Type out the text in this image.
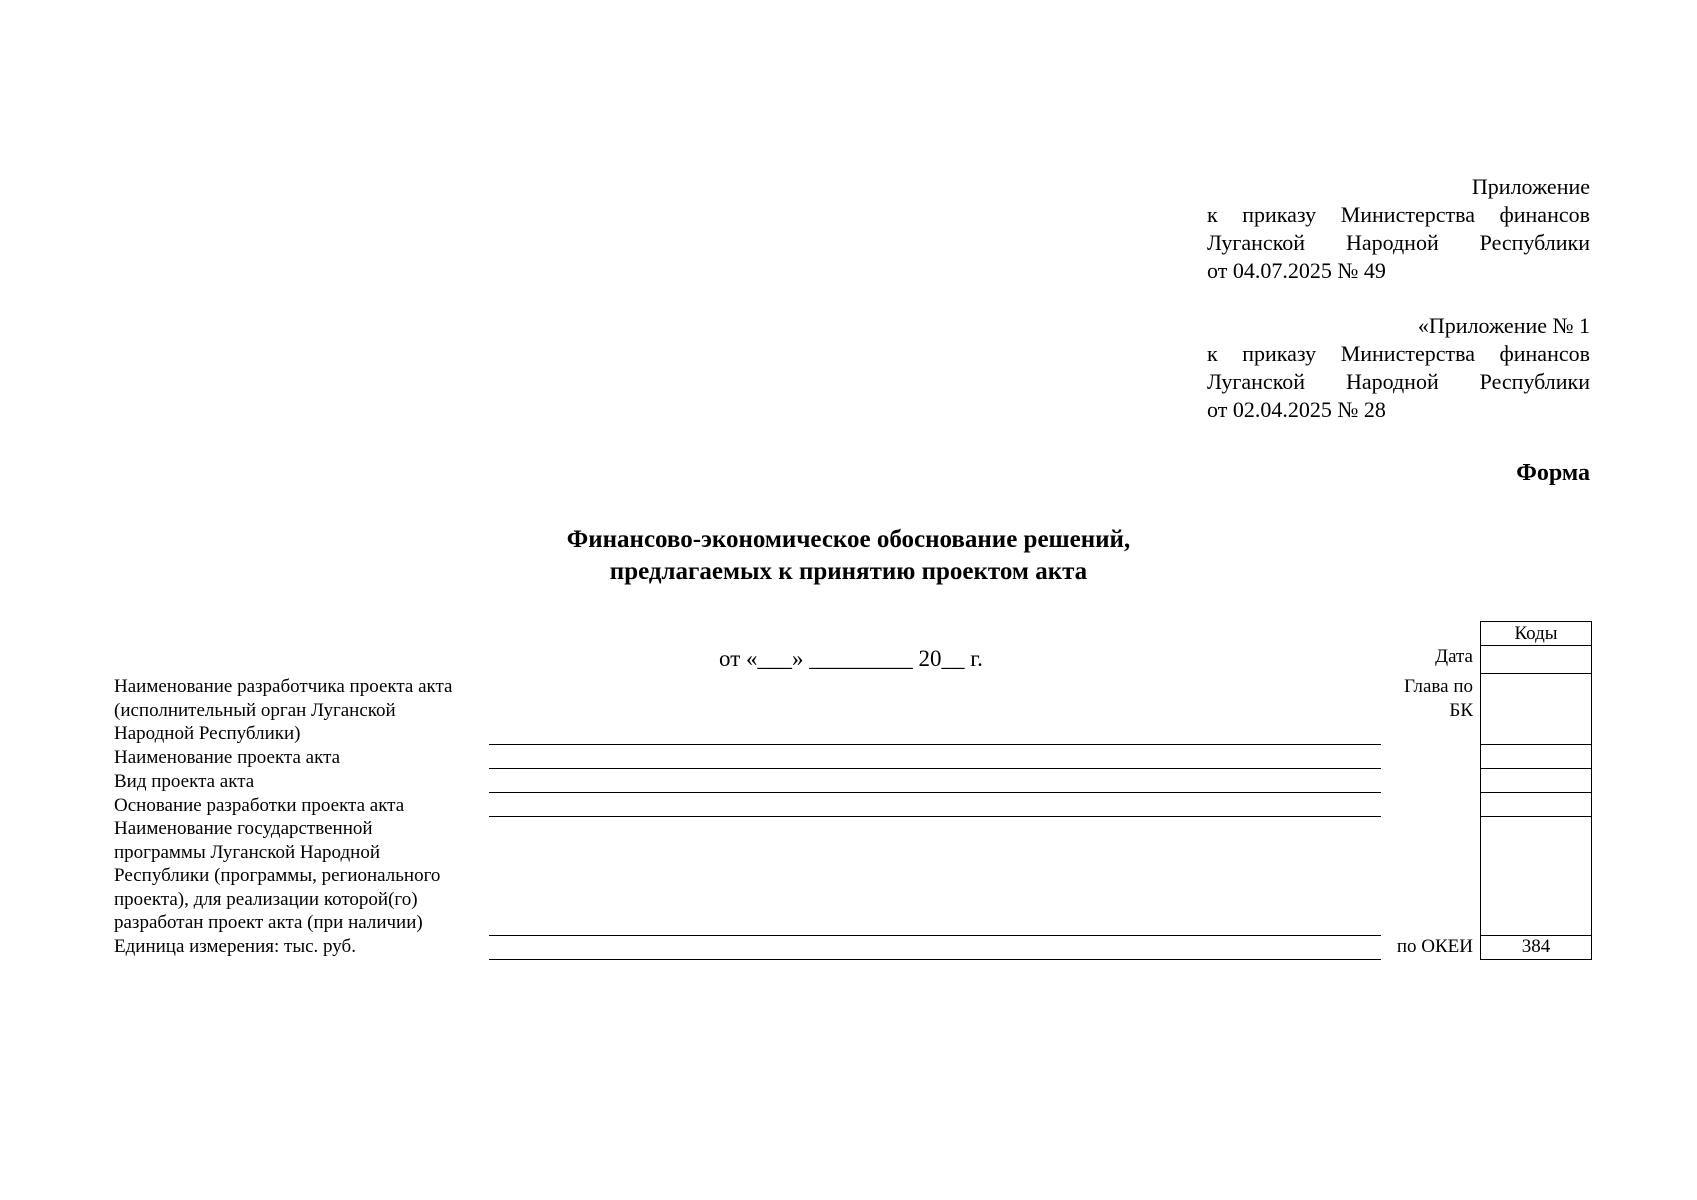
Приложение
к приказу Министерства финансов
Луганской Народной Республики
от 04.07.2025 № 49
«Приложение № 1
к приказу Министерства финансов
Луганской Народной Республики
от 02.04.2025 № 28
Форма
Финансово-экономическое обоснование решений,
предлагаемых к принятию проектом акта
от «___» _________ 20__ г.
Наименование разработчика проекта акта
(исполнительный орган Луганской
Народной Республики)
Наименование проекта акта
Вид проекта акта
Основание разработки проекта акта
Наименование государственной
программы Луганской Народной
Республики (программы, регионального
проекта), для реализации которой(го)
разработан проект акта (при наличии)
Единица измерения: тыс. руб.
Дата
Глава по
БК
по ОКЕИ
Коды
384
